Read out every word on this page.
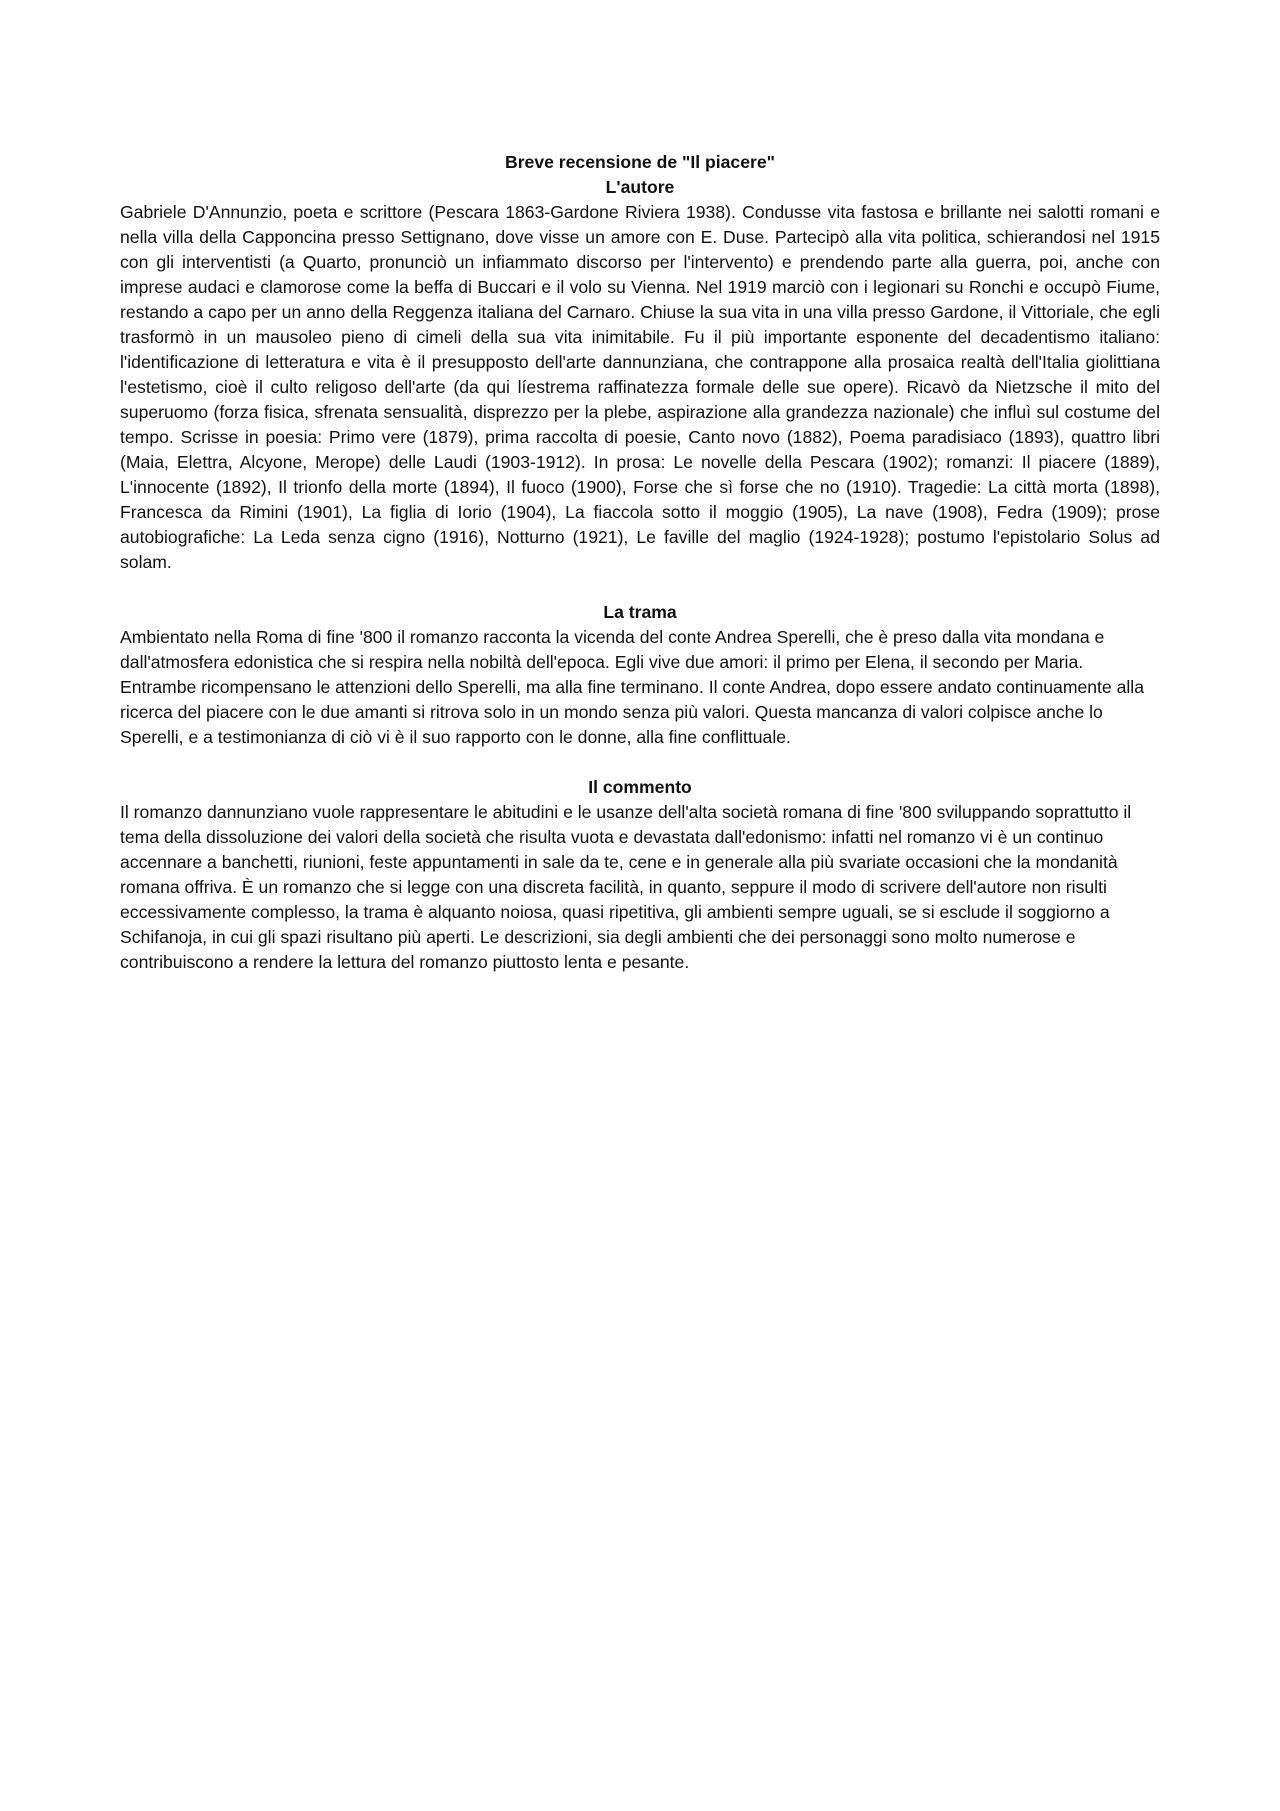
Breve recensione de "Il piacere"

L'autore

Gabriele D'Annunzio, poeta e scrittore (Pescara 1863-Gardone Riviera 1938). Condusse vita fastosa e brillante nei salotti romani e nella villa della Capponcina presso Settignano, dove visse un amore con E. Duse. Partecipò alla vita politica, schierandosi nel 1915 con gli interventisti (a Quarto, pronunciò un infiammato discorso per l'intervento) e prendendo parte alla guerra, poi, anche con imprese audaci e clamorose come la beffa di Buccari e il volo su Vienna. Nel 1919 marciò con i legionari su Ronchi e occupò Fiume, restando a capo per un anno della Reggenza italiana del Carnaro. Chiuse la sua vita in una villa presso Gardone, il Vittoriale, che egli trasformò in un mausoleo pieno di cimeli della sua vita inimitabile. Fu il più importante esponente del decadentismo italiano: l'identificazione di letteratura e vita è il presupposto dell'arte dannunziana, che contrappone alla prosaica realtà dell'Italia giolittiana l'estetismo, cioè il culto religoso dell'arte (da qui líestrema raffinatezza formale delle sue opere). Ricavò da Nietzsche il mito del superuomo (forza fisica, sfrenata sensualità, disprezzo per la plebe, aspirazione alla grandezza nazionale) che influì sul costume del tempo. Scrisse in poesia: Primo vere (1879), prima raccolta di poesie, Canto novo (1882), Poema paradisiaco (1893), quattro libri (Maia, Elettra, Alcyone, Merope) delle Laudi (1903-1912). In prosa: Le novelle della Pescara (1902); romanzi: Il piacere (1889), L'innocente (1892), Il trionfo della morte (1894), Il fuoco (1900), Forse che sì forse che no (1910). Tragedie: La città morta (1898), Francesca da Rimini (1901), La figlia di Iorio (1904), La fiaccola sotto il moggio (1905), La nave (1908), Fedra (1909); prose autobiografiche: La Leda senza cigno (1916), Notturno (1921), Le faville del maglio (1924-1928); postumo l'epistolario Solus ad solam.

La trama

Ambientato nella Roma di fine '800 il romanzo racconta la vicenda del conte Andrea Sperelli, che è preso dalla vita mondana e dall'atmosfera edonistica che si respira nella nobiltà dell'epoca. Egli vive due amori: il primo per Elena, il secondo per Maria. Entrambe ricompensano le attenzioni dello Sperelli, ma alla fine terminano. Il conte Andrea, dopo essere andato continuamente alla ricerca del piacere con le due amanti si ritrova solo in un mondo senza più valori. Questa mancanza di valori colpisce anche lo Sperelli, e a testimonianza di ciò vi è il suo rapporto con le donne, alla fine conflittuale.

Il commento

Il romanzo dannunziano vuole rappresentare le abitudini e le usanze dell'alta società romana di fine '800 sviluppando soprattutto il tema della dissoluzione dei valori della società che risulta vuota e devastata dall'edonismo: infatti nel romanzo vi è un continuo accennare a banchetti, riunioni, feste appuntamenti in sale da te, cene e in generale alla più svariate occasioni che la mondanità romana offriva. È un romanzo che si legge con una discreta facilità, in quanto, seppure il modo di scrivere dell'autore non risulti eccessivamente complesso, la trama è alquanto noiosa, quasi ripetitiva, gli ambienti sempre uguali, se si esclude il soggiorno a Schifanoja, in cui gli spazi risultano più aperti. Le descrizioni, sia degli ambienti che dei personaggi sono molto numerose e contribuiscono a rendere la lettura del romanzo piuttosto lenta e pesante.
